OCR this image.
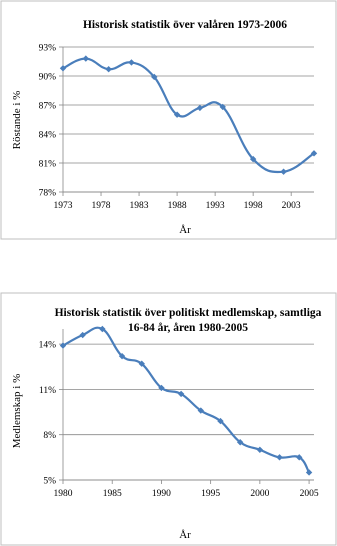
Historisk statistik över valåren 1973-2006
År
Röstande i %
78%
81%
84%
87%
90%
93%
1973 1978 1983 1988 1993 1998 2003
Historisk statistik över politiskt medlemskap, samtliga
16-84 år, åren 1980-2005
År
Medlemskap i %
5%
8%
11%
14%
1980	1985	1990	1995	2000	2005
